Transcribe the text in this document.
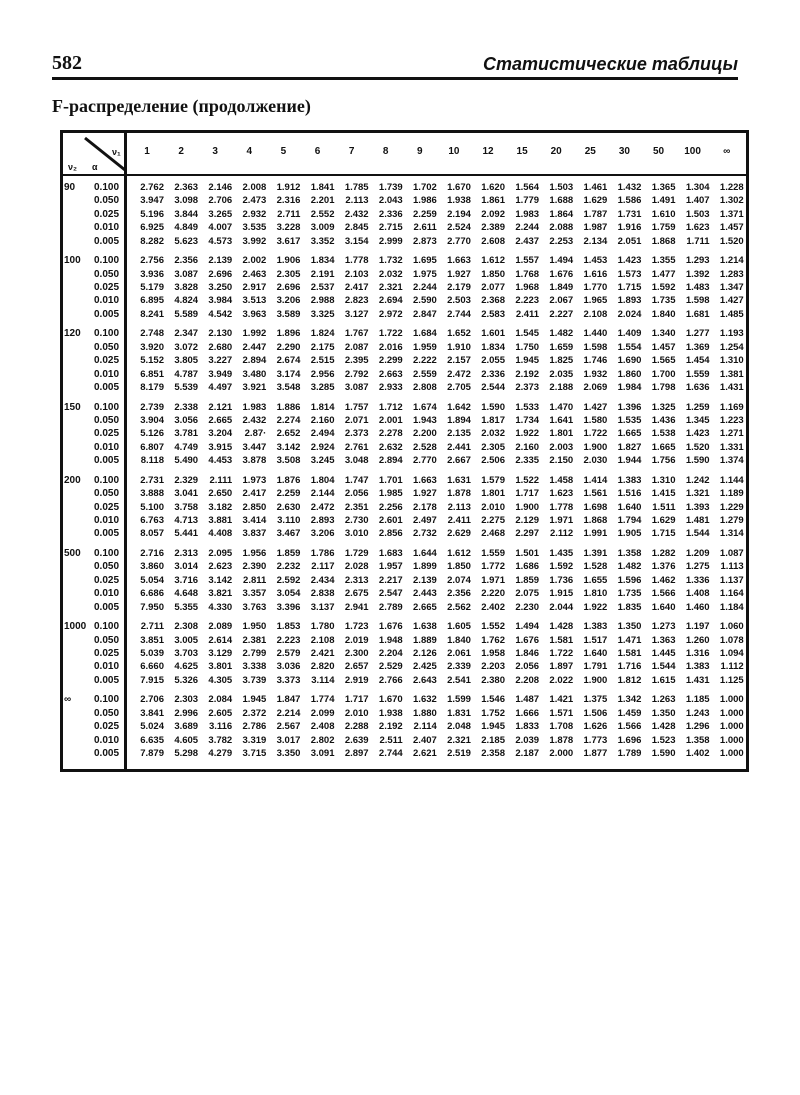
582	Статистические таблицы
F-распределение (продолжение)
ν₁
ν₂ α
1	2	3	4	5	6	7	8	9	10	12	15	20	25	30	50	100	∞
90 0.100	2.762	2.363	2.146	2.008	1.912	1.841	1.785	1.739	1.702	1.670	1.620	1.564	1.503	1.461	1.432	1.365	1.304	1.228
0.050	3.947	3.098	2.706	2.473	2.316	2.201	2.113	2.043	1.986	1.938	1.861	1.779	1.688	1.629	1.586	1.491	1.407	1.302
0.025	5.196	3.844	3.265	2.932	2.711	2.552	2.432	2.336	2.259	2.194	2.092	1.983	1.864	1.787	1.731	1.610	1.503	1.371
0.010	6.925	4.849	4.007	3.535	3.228	3.009	2.845	2.715	2.611	2.524	2.389	2.244	2.088	1.987	1.916	1.759	1.623	1.457
0.005	8.282	5.623	4.573	3.992	3.617	3.352	3.154	2.999	2.873	2.770	2.608	2.437	2.253	2.134	2.051	1.868	1.711	1.520
100 0.100	2.756	2.356	2.139	2.002	1.906	1.834	1.778	1.732	1.695	1.663	1.612	1.557	1.494	1.453	1.423	1.355	1.293	1.214
0.050	3.936	3.087	2.696	2.463	2.305	2.191	2.103	2.032	1.975	1.927	1.850	1.768	1.676	1.616	1.573	1.477	1.392	1.283
0.025	5.179	3.828	3.250	2.917	2.696	2.537	2.417	2.321	2.244	2.179	2.077	1.968	1.849	1.770	1.715	1.592	1.483	1.347
0.010	6.895	4.824	3.984	3.513	3.206	2.988	2.823	2.694	2.590	2.503	2.368	2.223	2.067	1.965	1.893	1.735	1.598	1.427
0.005	8.241	5.589	4.542	3.963	3.589	3.325	3.127	2.972	2.847	2.744	2.583	2.411	2.227	2.108	2.024	1.840	1.681	1.485
120 0.100	2.748	2.347	2.130	1.992	1.896	1.824	1.767	1.722	1.684	1.652	1.601	1.545	1.482	1.440	1.409	1.340	1.277	1.193
0.050	3.920	3.072	2.680	2.447	2.290	2.175	2.087	2.016	1.959	1.910	1.834	1.750	1.659	1.598	1.554	1.457	1.369	1.254
0.025	5.152	3.805	3.227	2.894	2.674	2.515	2.395	2.299	2.222	2.157	2.055	1.945	1.825	1.746	1.690	1.565	1.454	1.310
0.010	6.851	4.787	3.949	3.480	3.174	2.956	2.792	2.663	2.559	2.472	2.336	2.192	2.035	1.932	1.860	1.700	1.559	1.381
0.005	8.179	5.539	4.497	3.921	3.548	3.285	3.087	2.933	2.808	2.705	2.544	2.373	2.188	2.069	1.984	1.798	1.636	1.431
150 0.100	2.739	2.338	2.121	1.983	1.886	1.814	1.757	1.712	1.674	1.642	1.590	1.533	1.470	1.427	1.396	1.325	1.259	1.169
0.050	3.904	3.056	2.665	2.432	2.274	2.160	2.071	2.001	1.943	1.894	1.817	1.734	1.641	1.580	1.535	1.436	1.345	1.223
0.025	5.126	3.781	3.204	2.87·	2.652	2.494	2.373	2.278	2.200	2.135	2.032	1.922	1.801	1.722	1.665	1.538	1.423	1.271
0.010	6.807	4.749	3.915	3.447	3.142	2.924	2.761	2.632	2.528	2.441	2.305	2.160	2.003	1.900	1.827	1.665	1.520	1.331
0.005	8.118	5.490	4.453	3.878	3.508	3.245	3.048	2.894	2.770	2.667	2.506	2.335	2.150	2.030	1.944	1.756	1.590	1.374
200 0.100	2.731	2.329	2.111	1.973	1.876	1.804	1.747	1.701	1.663	1.631	1.579	1.522	1.458	1.414	1.383	1.310	1.242	1.144
0.050	3.888	3.041	2.650	2.417	2.259	2.144	2.056	1.985	1.927	1.878	1.801	1.717	1.623	1.561	1.516	1.415	1.321	1.189
0.025	5.100	3.758	3.182	2.850	2.630	2.472	2.351	2.256	2.178	2.113	2.010	1.900	1.778	1.698	1.640	1.511	1.393	1.229
0.010	6.763	4.713	3.881	3.414	3.110	2.893	2.730	2.601	2.497	2.411	2.275	2.129	1.971	1.868	1.794	1.629	1.481	1.279
0.005	8.057	5.441	4.408	3.837	3.467	3.206	3.010	2.856	2.732	2.629	2.468	2.297	2.112	1.991	1.905	1.715	1.544	1.314
500 0.100	2.716	2.313	2.095	1.956	1.859	1.786	1.729	1.683	1.644	1.612	1.559	1.501	1.435	1.391	1.358	1.282	1.209	1.087
0.050	3.860	3.014	2.623	2.390	2.232	2.117	2.028	1.957	1.899	1.850	1.772	1.686	1.592	1.528	1.482	1.376	1.275	1.113
0.025	5.054	3.716	3.142	2.811	2.592	2.434	2.313	2.217	2.139	2.074	1.971	1.859	1.736	1.655	1.596	1.462	1.336	1.137
0.010	6.686	4.648	3.821	3.357	3.054	2.838	2.675	2.547	2.443	2.356	2.220	2.075	1.915	1.810	1.735	1.566	1.408	1.164
0.005	7.950	5.355	4.330	3.763	3.396	3.137	2.941	2.789	2.665	2.562	2.402	2.230	2.044	1.922	1.835	1.640	1.460	1.184
1000 0.100	2.711	2.308	2.089	1.950	1.853	1.780	1.723	1.676	1.638	1.605	1.552	1.494	1.428	1.383	1.350	1.273	1.197	1.060
0.050	3.851	3.005	2.614	2.381	2.223	2.108	2.019	1.948	1.889	1.840	1.762	1.676	1.581	1.517	1.471	1.363	1.260	1.078
0.025	5.039	3.703	3.129	2.799	2.579	2.421	2.300	2.204	2.126	2.061	1.958	1.846	1.722	1.640	1.581	1.445	1.316	1.094
0.010	6.660	4.625	3.801	3.338	3.036	2.820	2.657	2.529	2.425	2.339	2.203	2.056	1.897	1.791	1.716	1.544	1.383	1.112
0.005	7.915	5.326	4.305	3.739	3.373	3.114	2.919	2.766	2.643	2.541	2.380	2.208	2.022	1.900	1.812	1.615	1.431	1.125
∞ 0.100	2.706	2.303	2.084	1.945	1.847	1.774	1.717	1.670	1.632	1.599	1.546	1.487	1.421	1.375	1.342	1.263	1.185	1.000
0.050	3.841	2.996	2.605	2.372	2.214	2.099	2.010	1.938	1.880	1.831	1.752	1.666	1.571	1.506	1.459	1.350	1.243	1.000
0.025	5.024	3.689	3.116	2.786	2.567	2.408	2.288	2.192	2.114	2.048	1.945	1.833	1.708	1.626	1.566	1.428	1.296	1.000
0.010	6.635	4.605	3.782	3.319	3.017	2.802	2.639	2.511	2.407	2.321	2.185	2.039	1.878	1.773	1.696	1.523	1.358	1.000
0.005	7.879	5.298	4.279	3.715	3.350	3.091	2.897	2.744	2.621	2.519	2.358	2.187	2.000	1.877	1.789	1.590	1.402	1.000
